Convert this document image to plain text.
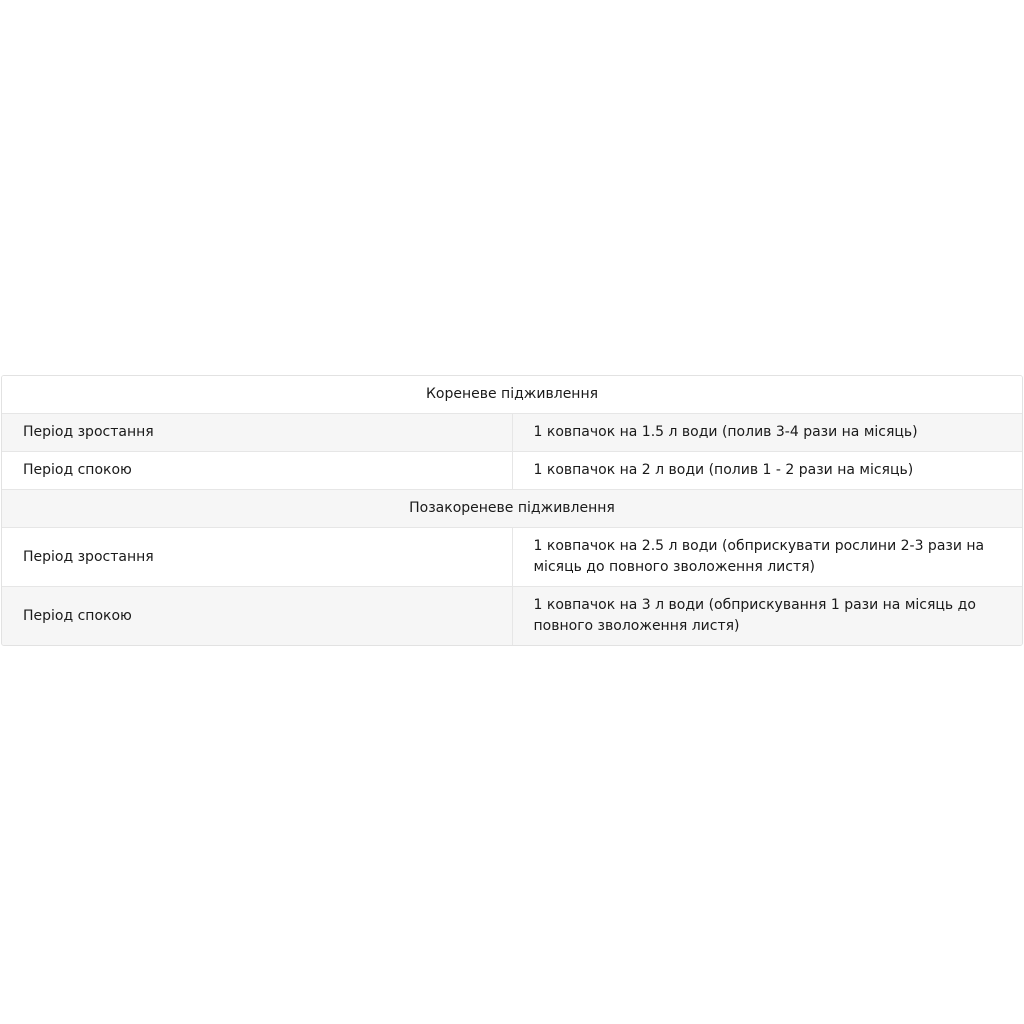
Кореневе підживлення	
Період зростання	1 ковпачок на 1.5 л води (полив 3-4 рази на місяць)
Період спокою	1 ковпачок на 2 л води (полив 1 - 2 рази на місяць)
Позакореневе підживлення	
Період зростання	1 ковпачок на 2.5 л води (обприскувати рослини 2-3 рази на місяць до повного зволоження листя)
Період спокою	1 ковпачок на 3 л води (обприскування 1 рази на місяць до повного зволоження листя)
